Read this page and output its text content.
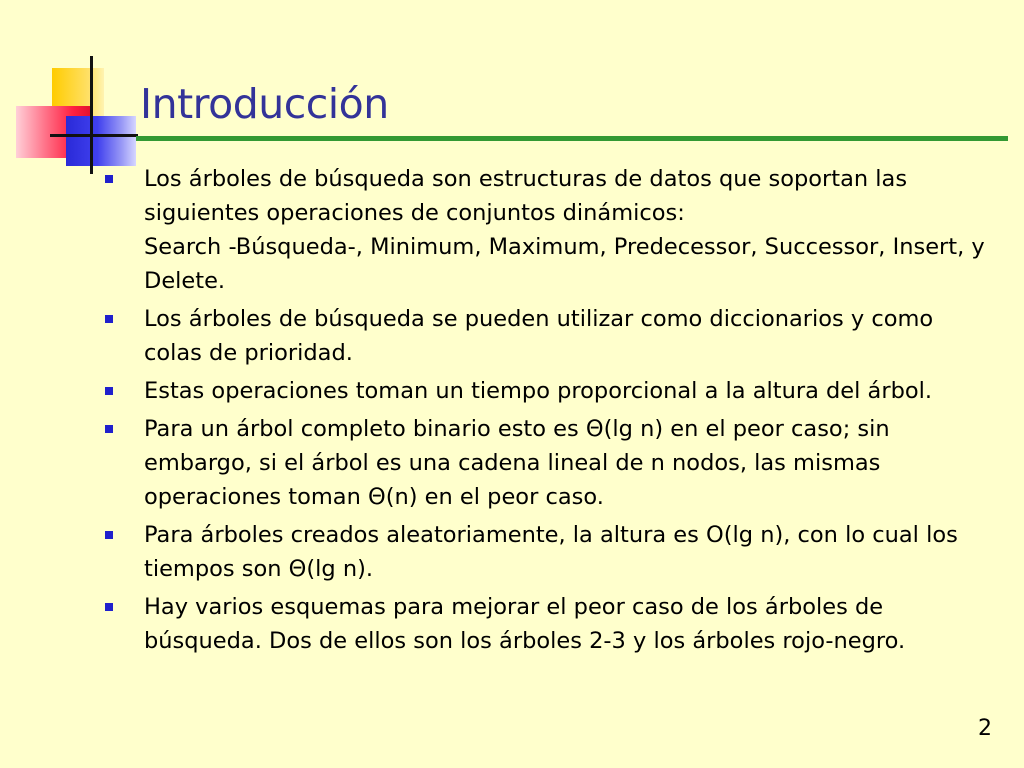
Introducción
Los árboles de búsqueda son estructuras de datos que soportan las siguientes operaciones de conjuntos dinámicos:
Search -Búsqueda-, Minimum, Maximum, Predecessor, Successor, Insert, y Delete.
Los árboles de búsqueda se pueden utilizar como diccionarios y como colas de prioridad.
Estas operaciones toman un tiempo proporcional a la altura del árbol.
Para un árbol completo binario esto es Θ(lg n) en el peor caso; sin embargo, si el árbol es una cadena lineal de n nodos, las mismas operaciones toman Θ(n) en el peor caso.
Para árboles creados aleatoriamente, la altura es O(lg n), con lo cual los tiempos son Θ(lg n).
Hay varios esquemas para mejorar el peor caso de los árboles de búsqueda. Dos de ellos son los árboles 2-3 y los árboles rojo-negro.
2
